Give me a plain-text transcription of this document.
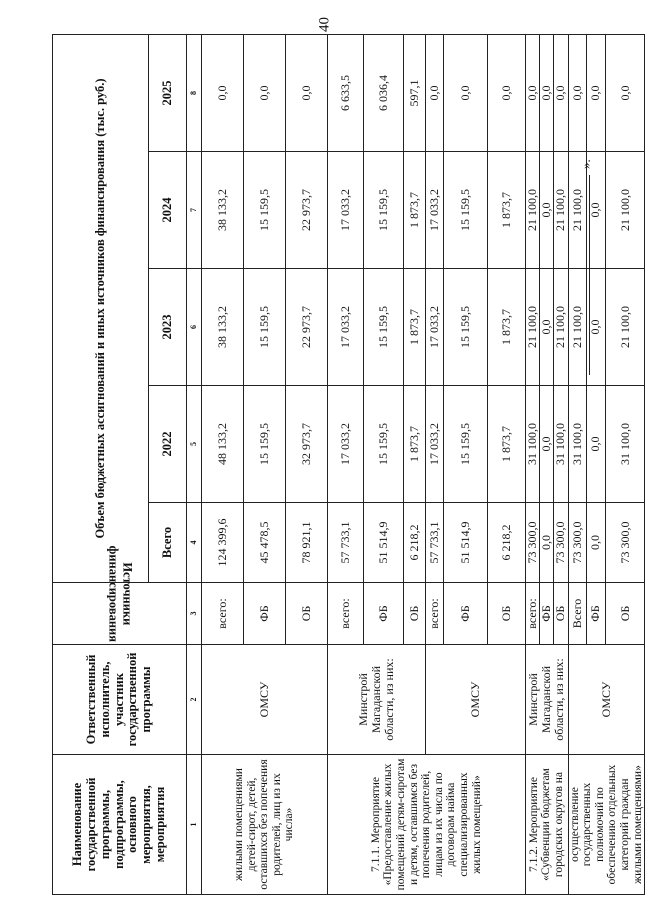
40
Наименование государственной программы, подпрограммы, основного мероприятия, мероприятия	Ответственный исполнитель, участник государственной программы	Источники финансирования	Объем бюджетных ассигнований и иных источников финансирования (тыс. руб.)				
			Всего	2022	2023	2024	2025
1	2	3	4	5	6	7	8
жилыми помещениями детей-сирот, детей, оставшихся без попечения родителей, лиц из их числа»	ОМСУ	всего:	124 399,6	48 133,2	38 133,2	38 133,2	0,0
		ФБ	45 478,5	15 159,5	15 159,5	15 159,5	0,0
		ОБ	78 921,1	32 973,7	22 973,7	22 973,7	0,0
7.1.1. Мероприятие «Предоставление жилых помещений детям-сиротам и детям, оставшимся без попечения родителей, лицам из их числа по договорам найма специализированных жилых помещений»	Минстрой Магаданской области, из них:	всего:	57 733,1	17 033,2	17 033,2	17 033,2	6 633,5
		ФБ	51 514,9	15 159,5	15 159,5	15 159,5	6 036,4
		ОБ	6 218,2	1 873,7	1 873,7	1 873,7	597,1
	ОМСУ	всего:	57 733,1	17 033,2	17 033,2	17 033,2	0,0
		ФБ	51 514,9	15 159,5	15 159,5	15 159,5	0,0
		ОБ	6 218,2	1 873,7	1 873,7	1 873,7	0,0
7.1.2. Мероприятие «Субвенции бюджетам городских округов на	Минстрой Магаданской области, из них:	всего:	73 300,0	31 100,0	21 100,0	21 100,0	0,0
		ФБ	0,0	0,0	0,0	0,0	0,0
		ОБ	73 300,0	31 100,0	21 100,0	21 100,0	0,0
осуществление государственных полномочий по обеспечению отдельных категорий граждан жилыми помещениями»	ОМСУ	Всего	73 300,0	31 100,0	21 100,0	21 100,0	0,0
		ФБ	0,0	0,0	0,0	0,0	0,0
		ОБ	73 300,0	31 100,0	21 100,0	21 100,0	0,0
».
